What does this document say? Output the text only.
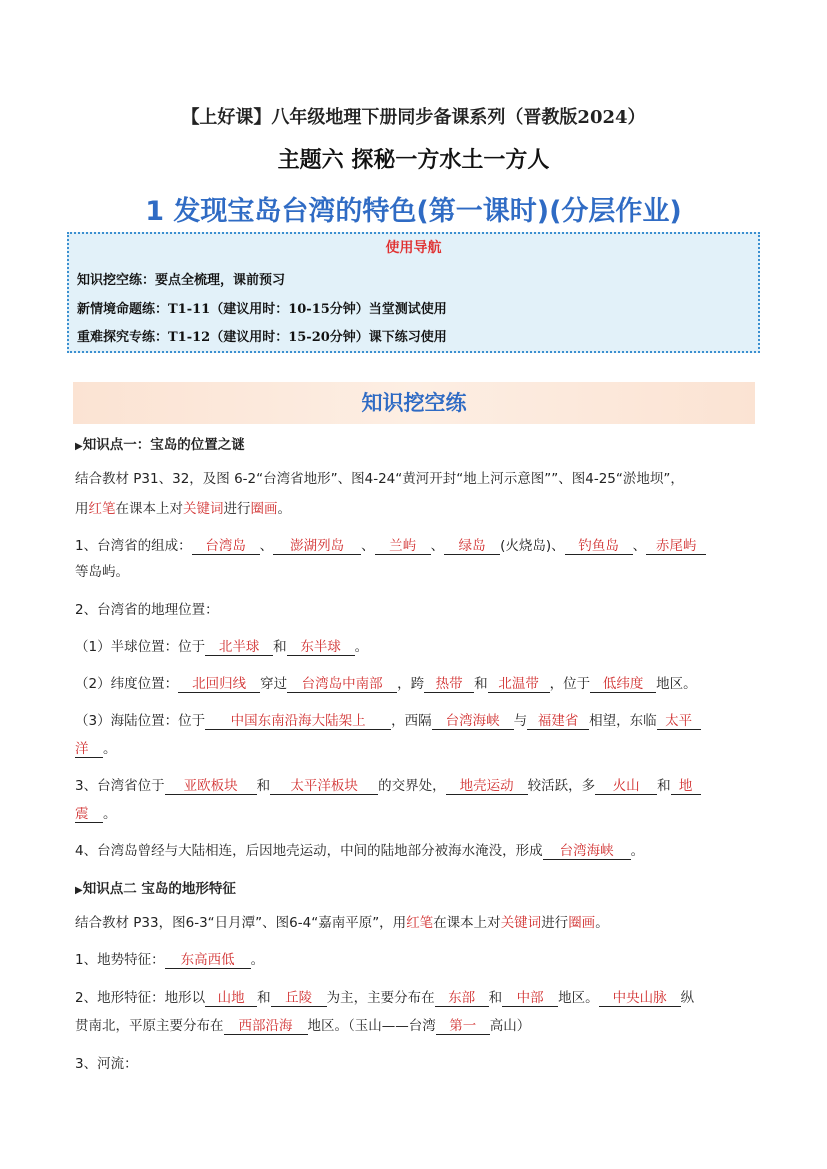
【上好课】八年级地理下册同步备课系列（晋教版2024）
主题六 探秘一方水土一方人
1 发现宝岛台湾的特色(第一课时)(分层作业)
使用导航
知识挖空练：要点全梳理，课前预习
新情境命题练：T1-11（建议用时：10-15分钟）当堂测试使用
重难探究专练：T1-12（建议用时：15-20分钟）课下练习使用
知识挖空练
▶知识点一：宝岛的位置之谜
结合教材 P31、32，及图 6-2“台湾省地形”、图4-24“黄河开封“地上河示意图””、图4-25“淤地坝”，
用红笔在课本上对关键词进行圈画。
1、台湾省的组成： 台湾岛 、 澎湖列岛 、 兰屿 、 绿岛 (火烧岛)、 钓鱼岛 、 赤尾屿
等岛屿。
2、台湾省的地理位置：
（1）半球位置：位于 北半球 和 东半球 。
（2）纬度位置： 北回归线 穿过 台湾岛中南部 ，跨 热带 和 北温带 ，位于 低纬度 地区。
（3）海陆位置：位于 中国东南沿海大陆架上 ，西隔 台湾海峡 与 福建省 相望，东临 太平
洋 。
3、台湾省位于 亚欧板块 和 太平洋板块 的交界处， 地壳运动 较活跃，多 火山 和 地
震 。
4、台湾岛曾经与大陆相连，后因地壳运动，中间的陆地部分被海水淹没，形成 台湾海峡 。
▶知识点二 宝岛的地形特征
结合教材 P33，图6-3“日月潭”、图6-4“嘉南平原”，用红笔在课本上对关键词进行圈画。
1、地势特征： 东高西低 。
2、地形特征：地形以 山地 和 丘陵 为主，主要分布在 东部 和 中部 地区。 中央山脉 纵
贯南北，平原主要分布在 西部沿海 地区。（玉山——台湾 第一 高山）
3、河流：
